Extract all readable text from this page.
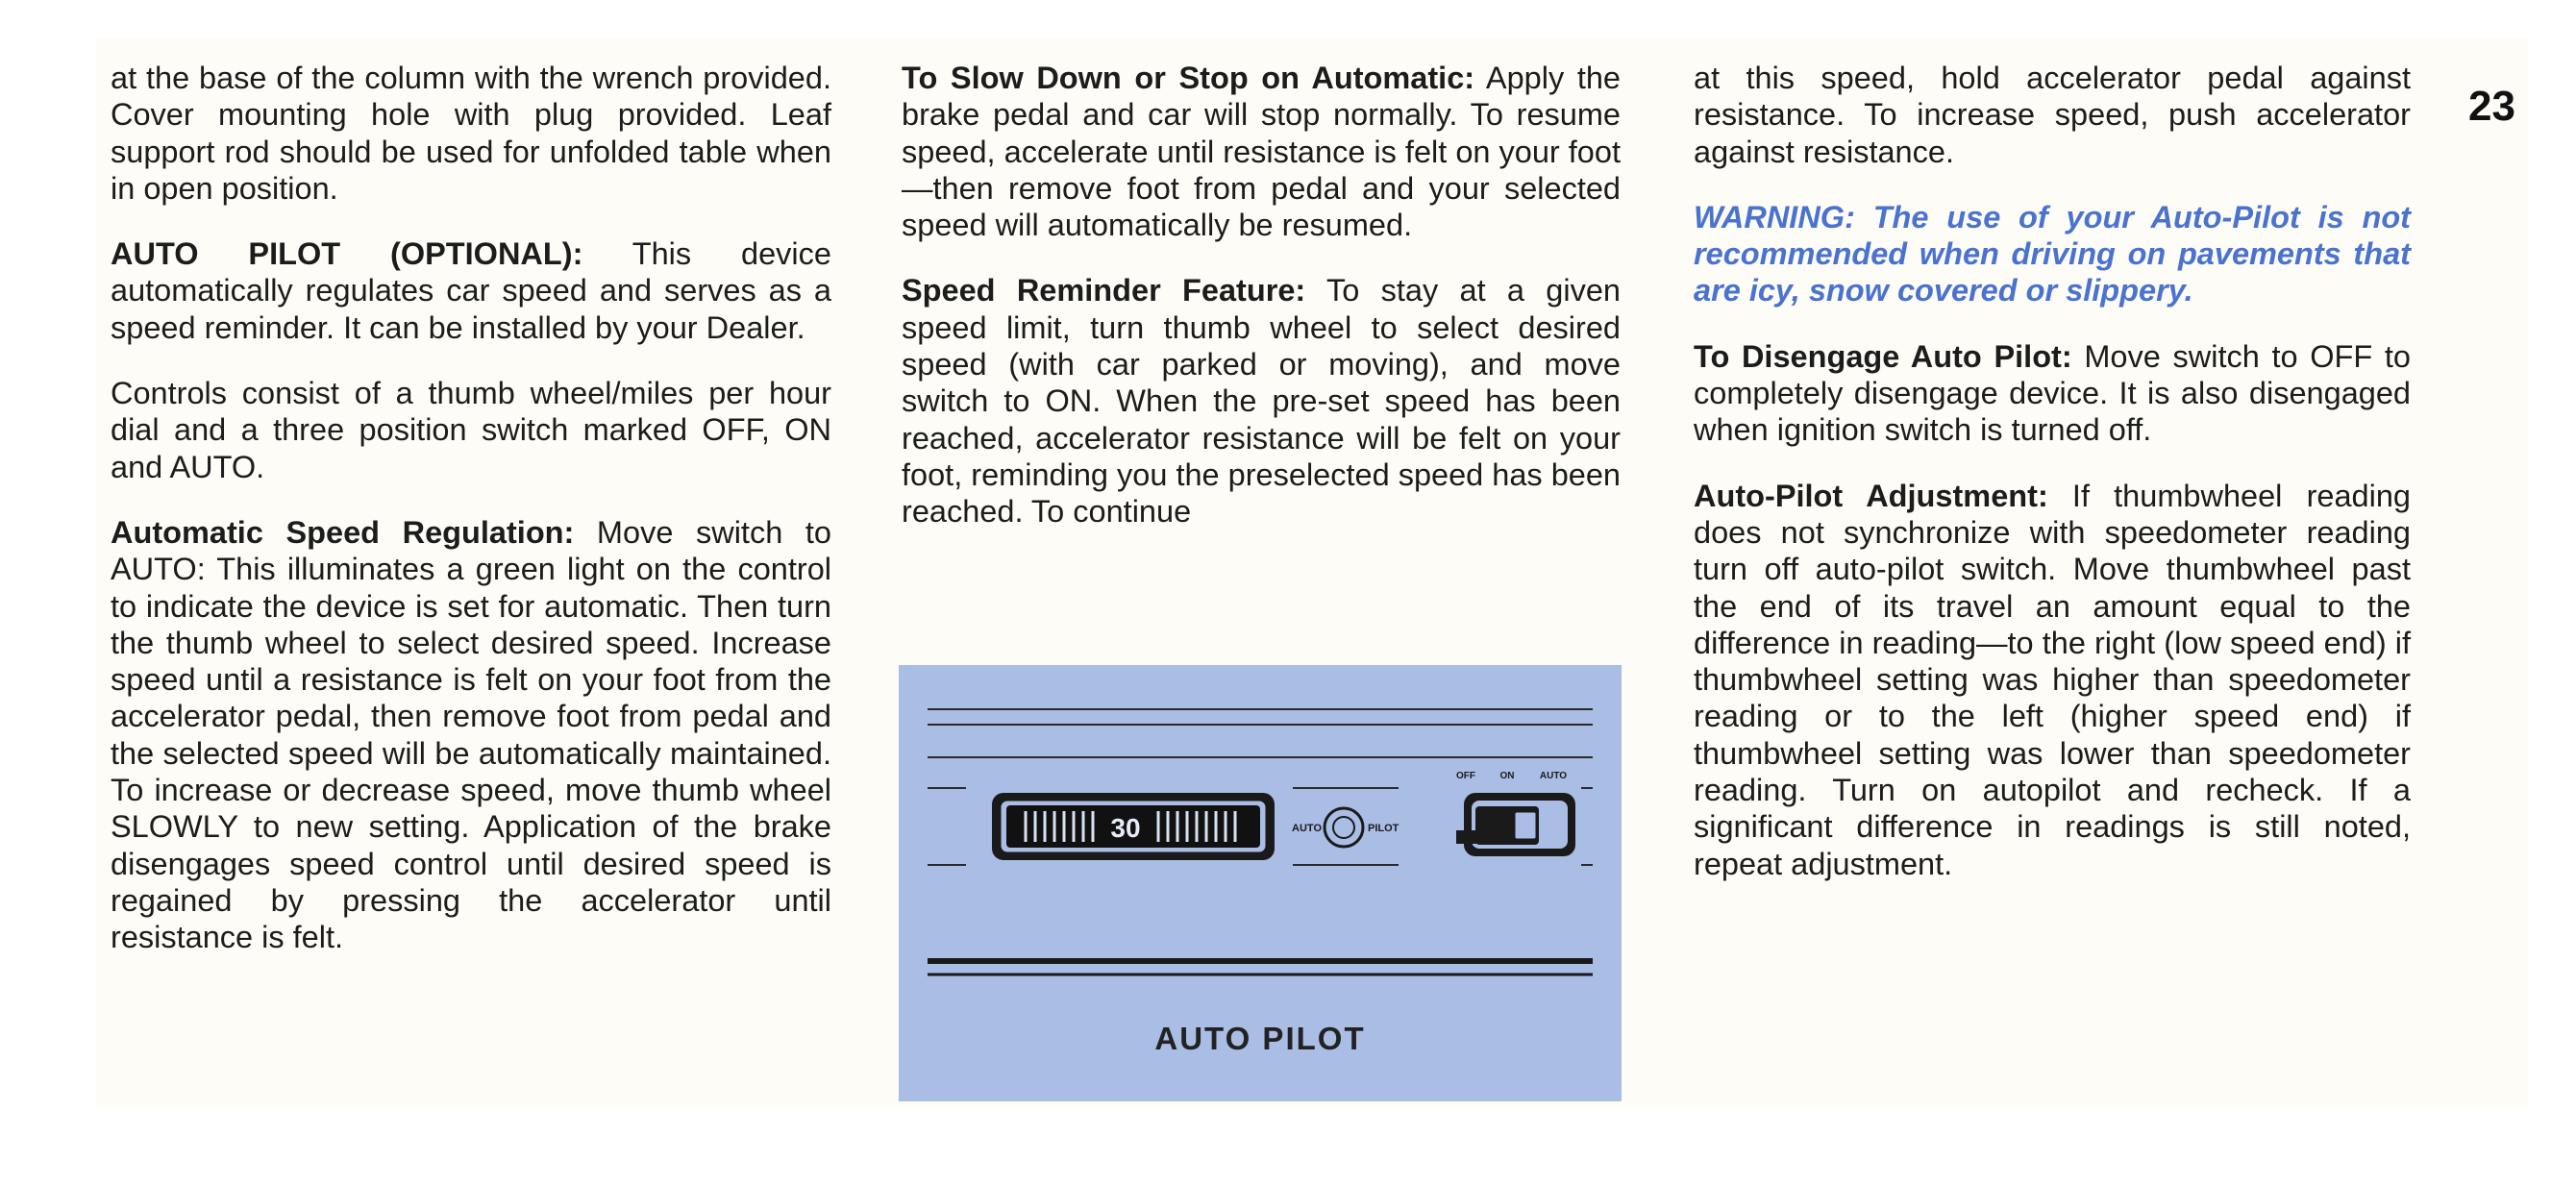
at the base of the column with the wrench provided. Cover mounting hole with plug provided. Leaf support rod should be used for unfolded table when in open position.

AUTO PILOT (OPTIONAL): This device automatically regulates car speed and serves as a speed reminder. It can be installed by your Dealer.

Controls consist of a thumb wheel/miles per hour dial and a three position switch marked OFF, ON and AUTO.

Automatic Speed Regulation: Move switch to AUTO: This illuminates a green light on the control to indicate the device is set for automatic. Then turn the thumb wheel to select desired speed. Increase speed until a resistance is felt on your foot from the accelerator pedal, then remove foot from pedal and the selected speed will be automatically maintained. To increase or decrease speed, move thumb wheel SLOWLY to new setting. Application of the brake disengages speed control until desired speed is regained by pressing the accelerator until resistance is felt.

To Slow Down or Stop on Automatic: Apply the brake pedal and car will stop normally. To resume speed, accelerate until resistance is felt on your foot—then remove foot from pedal and your selected speed will automatically be resumed.

Speed Reminder Feature: To stay at a given speed limit, turn thumb wheel to select desired speed (with car parked or moving), and move switch to ON. When the pre-set speed has been reached, accelerator resistance will be felt on your foot, reminding you the preselected speed has been reached. To continue

at this speed, hold accelerator pedal against resistance. To increase speed, push accelerator against resistance.

WARNING: The use of your Auto-Pilot is not recommended when driving on pavements that are icy, snow covered or slippery.

To Disengage Auto Pilot: Move switch to OFF to completely disengage device. It is also disengaged when ignition switch is turned off.

Auto-Pilot Adjustment: If thumbwheel reading does not synchronize with speedometer reading turn off auto-pilot switch. Move thumbwheel past the end of its travel an amount equal to the difference in reading—to the right (low speed end) if thumbwheel setting was higher than speedometer reading or to the left (higher speed end) if thumbwheel setting was lower than speedometer reading. Turn on autopilot and recheck. If a significant difference in readings is still noted, repeat adjustment.

23
30	AUTO	PILOT
OFF	ON	AUTO
AUTO PILOT
